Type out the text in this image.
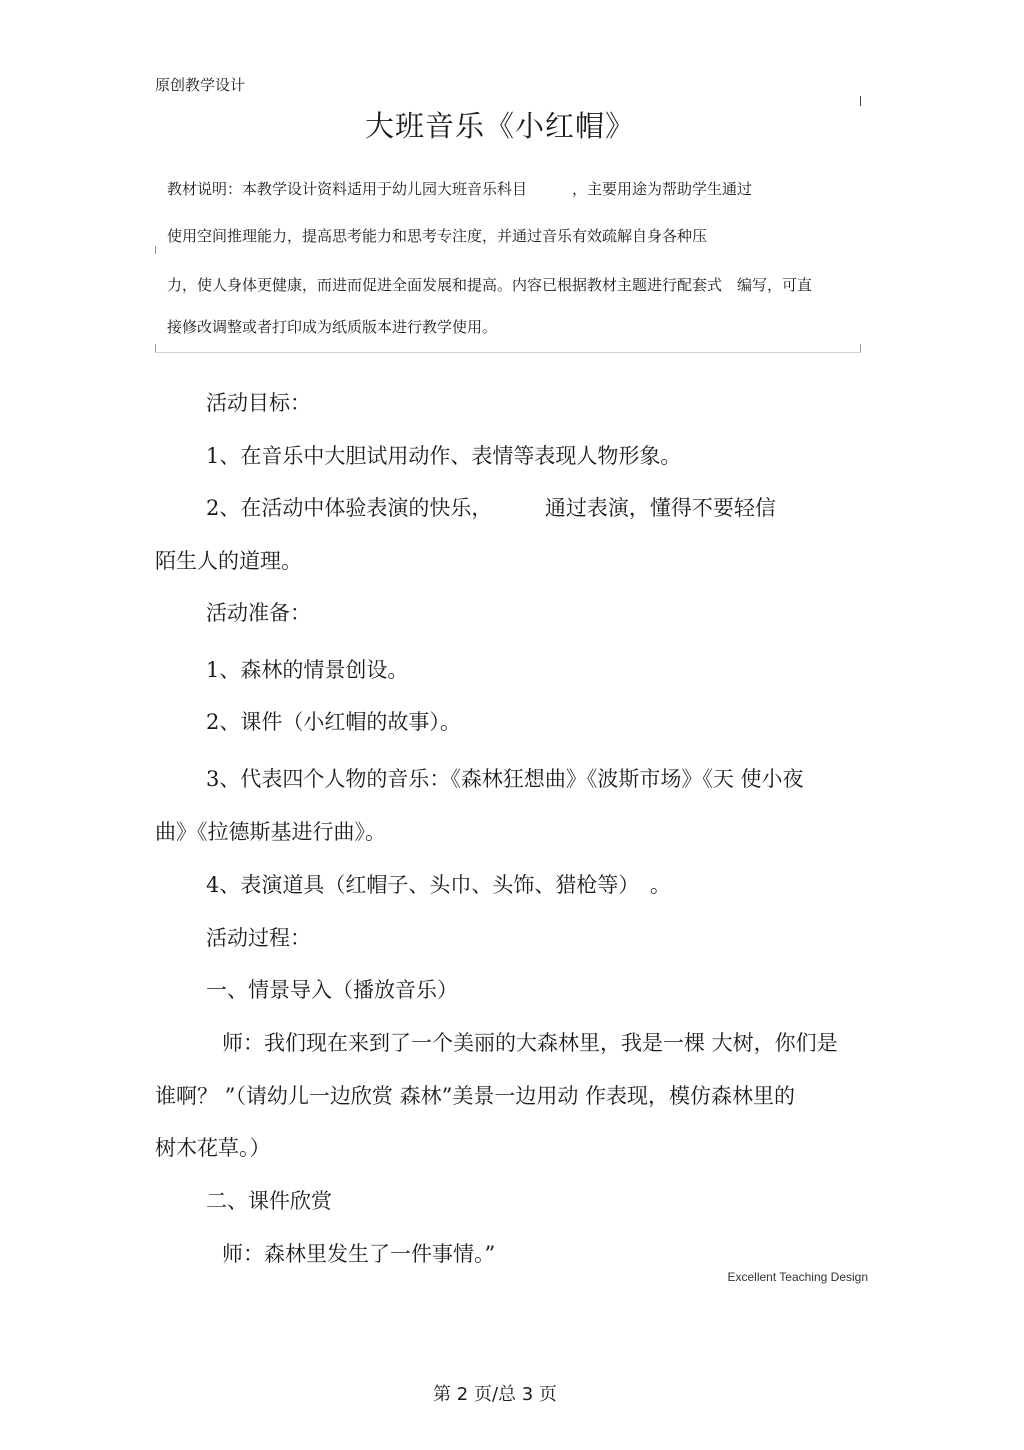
原创教学设计
大班音乐《小红帽》
教材说明：本教学设计资料适用于幼儿园大班音乐科目　　　，主要用途为帮助学生通过
使用空间推理能力，提高思考能力和思考专注度，并通过音乐有效疏解自身各种压
力，使人身体更健康，而进而促进全面发展和提高。内容已根据教材主题进行配套式　编写，可直
接修改调整或者打印成为纸质版本进行教学使用。
活动目标：
1、在音乐中大胆试用动作、表情等表现人物形象。
2、在活动中体验表演的快乐，　　　通过表演，懂得不要轻信
陌生人的道理。
活动准备：
1、森林的情景创设。
2、课件（小红帽的故事）。
3、代表四个人物的音乐：《森林狂想曲》《波斯市场》《天 使小夜
曲》《拉德斯基进行曲》。
4、表演道具（红帽子、头巾、头饰、猎枪等）　。
活动过程：
一、情景导入（播放音乐）
师：我们现在来到了一个美丽的大森林里，我是一棵 大树，你们是
谁啊？ ”（请幼儿一边欣赏 森林”美景一边用动 作表现，模仿森林里的
树木花草。）
二、课件欣赏
师：森林里发生了一件事情。”
Excellent Teaching Design
第 2 页/总 3 页
